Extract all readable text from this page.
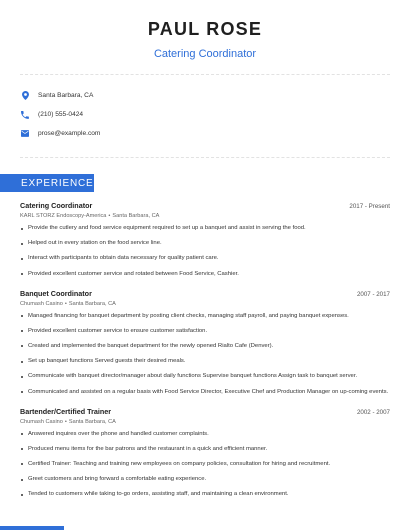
PAUL ROSE
Catering Coordinator
Santa Barbara, CA
(210) 555-0424
prose@example.com
EXPERIENCE
Catering Coordinator	2017 - Present
KARL STORZ Endoscopy-America • Santa Barbara, CA
Provide the cutlery and food service equipment required to set up a banquet and assist in serving the food.
Helped out in every station on the food service line.
Interact with participants to obtain data necessary for quality patient care.
Provided excellent customer service and rotated between Food Service, Cashier.
Banquet Coordinator	2007 - 2017
Chumash Casino • Santa Barbara, CA
Managed financing for banquet department by posting client checks, managing staff payroll, and paying banquet expenses.
Provided excellent customer service to ensure customer satisfaction.
Created and implemented the banquet department for the newly opened Rialto Cafe (Denver).
Set up banquet functions Served guests their desired meals.
Communicate with banquet director/manager about daily functions Supervise banquet functions Assign task to banquet server.
Communicated and assisted on a regular basis with Food Service Director, Executive Chef and Production Manager on up-coming events.
Bartender/Certified Trainer	2002 - 2007
Chumash Casino • Santa Barbara, CA
Answered inquires over the phone and handled customer complaints.
Produced menu items for the bar patrons and the restaurant in a quick and efficient manner.
Certified Trainer: Teaching and training new employees on company policies, consultation for hiring and recruitment.
Greet customers and bring forward a comfortable eating experience.
Tended to customers while taking to-go orders, assisting staff, and maintaining a clean environment.
